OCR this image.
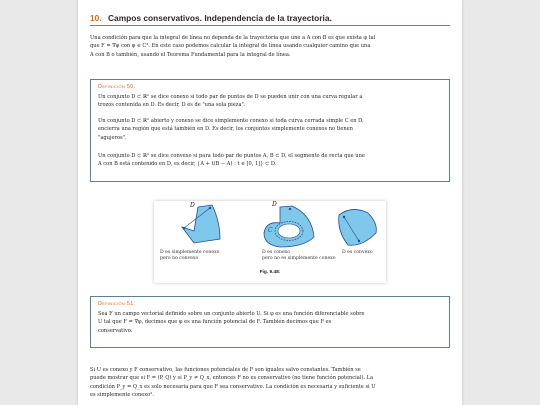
10. Campos conservativos. Independencia de la trayectoria.
Una condición para que la integral de línea no dependa de la trayectoria que une a A con B es que exista φ tal
que F = ∇φ con φ ∈ C². En este caso podemos calcular la integral de línea usando cualquier camino que una
A con B o también, usando el Teorema Fundamental para la integral de línea.
Definición 50.
Un conjunto D ⊂ ℝⁿ se dice conexo si todo par de puntos de D se pueden unir con una curva regular a
trozos contenida en D. Es decir, D es de "una sola pieza".
Un conjunto D ⊂ ℝⁿ abierto y conexo se dice simplemente conexo si toda curva cerrada simple C en D,
encierra una región que está también en D. Es decir, los conjuntos simplemente conexos no tienen
"agujeros".
Un conjunto D ⊂ ℝⁿ se dice convexo si para todo par de puntos A, B ⊂ D, el segmento de recta que une
A con B está contenido en D, es decir, {A + t(B − A) : t ∈ [0, 1]} ⊂ D.
D	D
C
D es simplemente conexo
pero no convexo
D es conexo
pero no es simplemente conexo
D es convexo
Fig. 9.48:
Definición 51.
Sea F un campo vectorial definido sobre un conjunto abierto U. Si φ es una función diferenciable sobre
U tal que F = ∇φ, decimos que φ es una función potencial de F. También decimos que F es
conservativo.
Si U es conexo y F conservativo, las funciones potenciales de F son iguales salvo constantes. También se
puede mostrar que si F = (P, Q) y si P_y ≠ Q_x, entonces F no es conservativo (no tiene función potencial). La
condición P_y = Q_x es solo necesaria para que F sea conservativo. La condición es necesaria y suficiente si U
es simplemente conexo².
